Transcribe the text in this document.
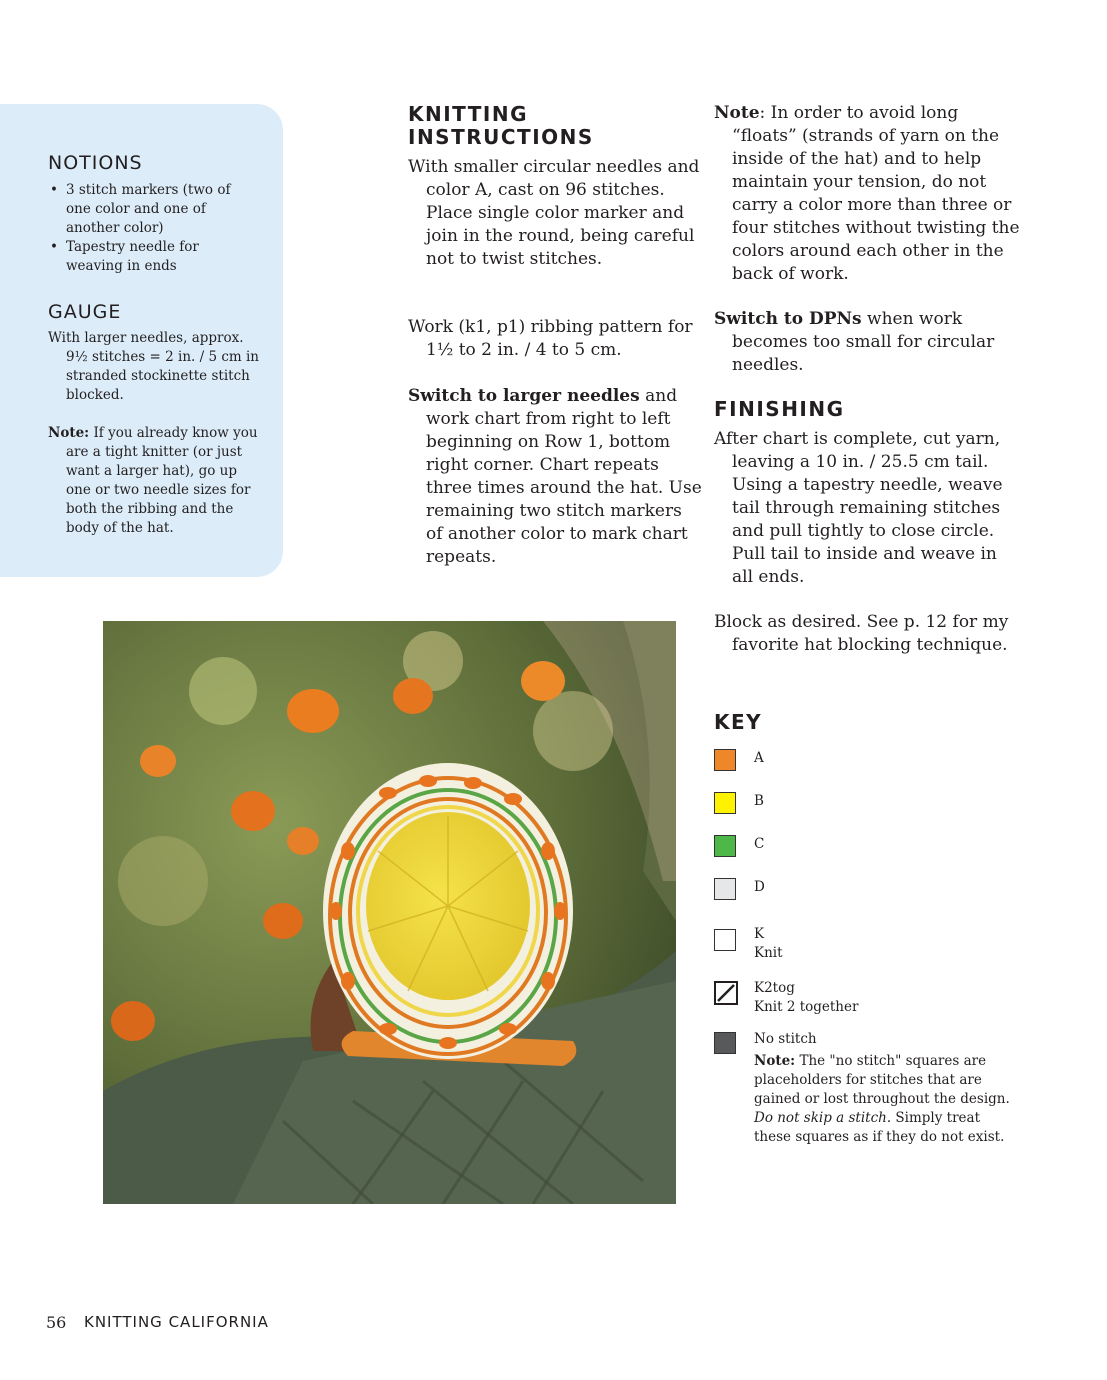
NOTIONS
• 3 stitch markers (two of one color and one of another color)
• Tapestry needle for weaving in ends
GAUGE

With larger needles, approx. 9½ stitches = 2 in. / 5 cm in stranded stockinette stitch blocked.

Note: If you already know you are a tight knitter (or just want a larger hat), go up one or two needle sizes for both the ribbing and the body of the hat.

KNITTING
INSTRUCTIONS

With smaller circular needles and color A, cast on 96 stitches. Place single color marker and join in the round, being careful not to twist stitches.

Work (k1, p1) ribbing pattern for 1½ to 2 in. / 4 to 5 cm.

Switch to larger needles and work chart from right to left beginning on Row 1, bottom right corner. Chart repeats three times around the hat. Use remaining two stitch markers of another color to mark chart repeats.

Note: In order to avoid long “floats” (strands of yarn on the inside of the hat) and to help maintain your tension, do not carry a color more than three or four stitches without twisting the colors around each other in the back of work.

Switch to DPNs when work becomes too small for circular needles.

FINISHING

After chart is complete, cut yarn, leaving a 10 in. / 25.5 cm tail. Using a tapestry needle, weave tail through remaining stitches and pull tightly to close circle. Pull tail to inside and weave in all ends.

Block as desired. See p. 12 for my favorite hat blocking technique.

KEY
A
B
C
D
K
Knit
K2tog
Knit 2 together
No stitch

Note: The "no stitch" squares are placeholders for stitches that are gained or lost throughout the design. Do not skip a stitch. Simply treat these squares as if they do not exist.

56 KNITTING CALIFORNIA
